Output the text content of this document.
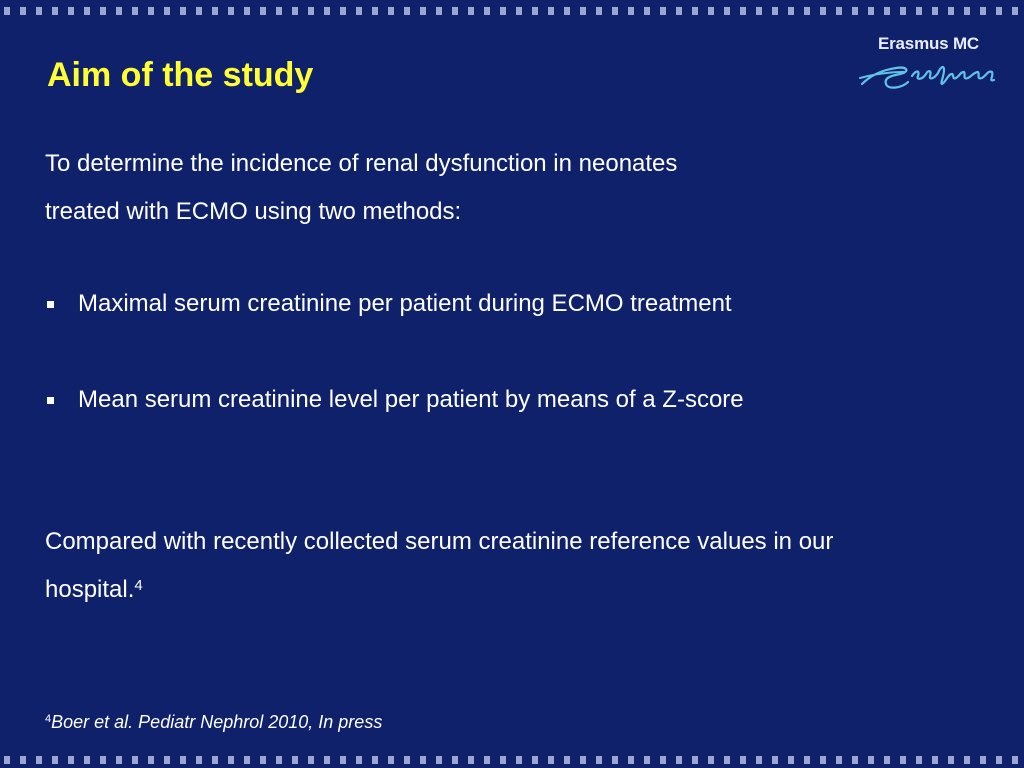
Aim of the study
Erasmus MC
To determine the incidence of renal dysfunction in neonates
treated with ECMO using two methods:
Maximal serum creatinine per patient during ECMO treatment
Mean serum creatinine level per patient by means of a Z-score
Compared with recently collected serum creatinine reference values in our
hospital.$^4$
$^4$Boer et al. Pediatr Nephrol 2010, In press
